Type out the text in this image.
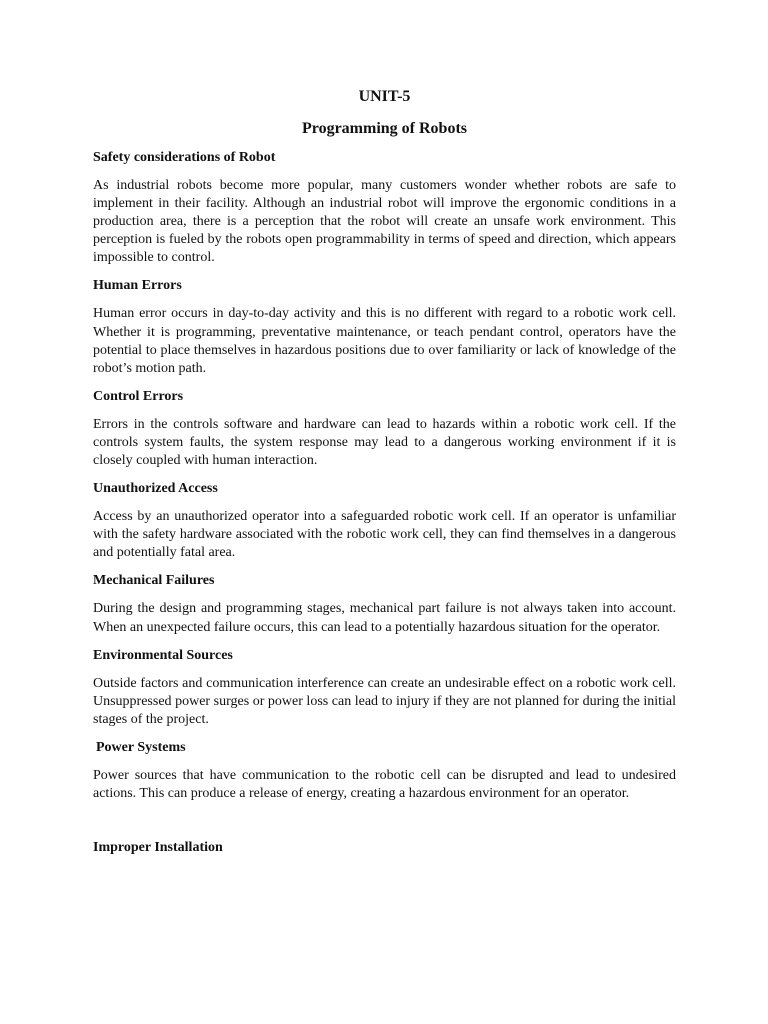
UNIT-5
Programming of Robots
Safety considerations of Robot
As industrial robots become more popular, many customers wonder whether robots are safe to implement in their facility. Although an industrial robot will improve the ergonomic conditions in a production area, there is a perception that the robot will create an unsafe work environment. This perception is fueled by the robots open programmability in terms of speed and direction, which appears impossible to control.
Human Errors
Human error occurs in day-to-day activity and this is no different with regard to a robotic work cell. Whether it is programming, preventative maintenance, or teach pendant control, operators have the potential to place themselves in hazardous positions due to over familiarity or lack of knowledge of the robot’s motion path.
Control Errors
Errors in the controls software and hardware can lead to hazards within a robotic work cell. If the controls system faults, the system response may lead to a dangerous working environment if it is closely coupled with human interaction.
Unauthorized Access
Access by an unauthorized operator into a safeguarded robotic work cell. If an operator is unfamiliar with the safety hardware associated with the robotic work cell, they can find themselves in a dangerous and potentially fatal area.
Mechanical Failures
During the design and programming stages, mechanical part failure is not always taken into account. When an unexpected failure occurs, this can lead to a potentially hazardous situation for the operator.
Environmental Sources
Outside factors and communication interference can create an undesirable effect on a robotic work cell. Unsuppressed power surges or power loss can lead to injury if they are not planned for during the initial stages of the project.
Power Systems
Power sources that have communication to the robotic cell can be disrupted and lead to undesired actions. This can produce a release of energy, creating a hazardous environment for an operator.
Improper Installation
